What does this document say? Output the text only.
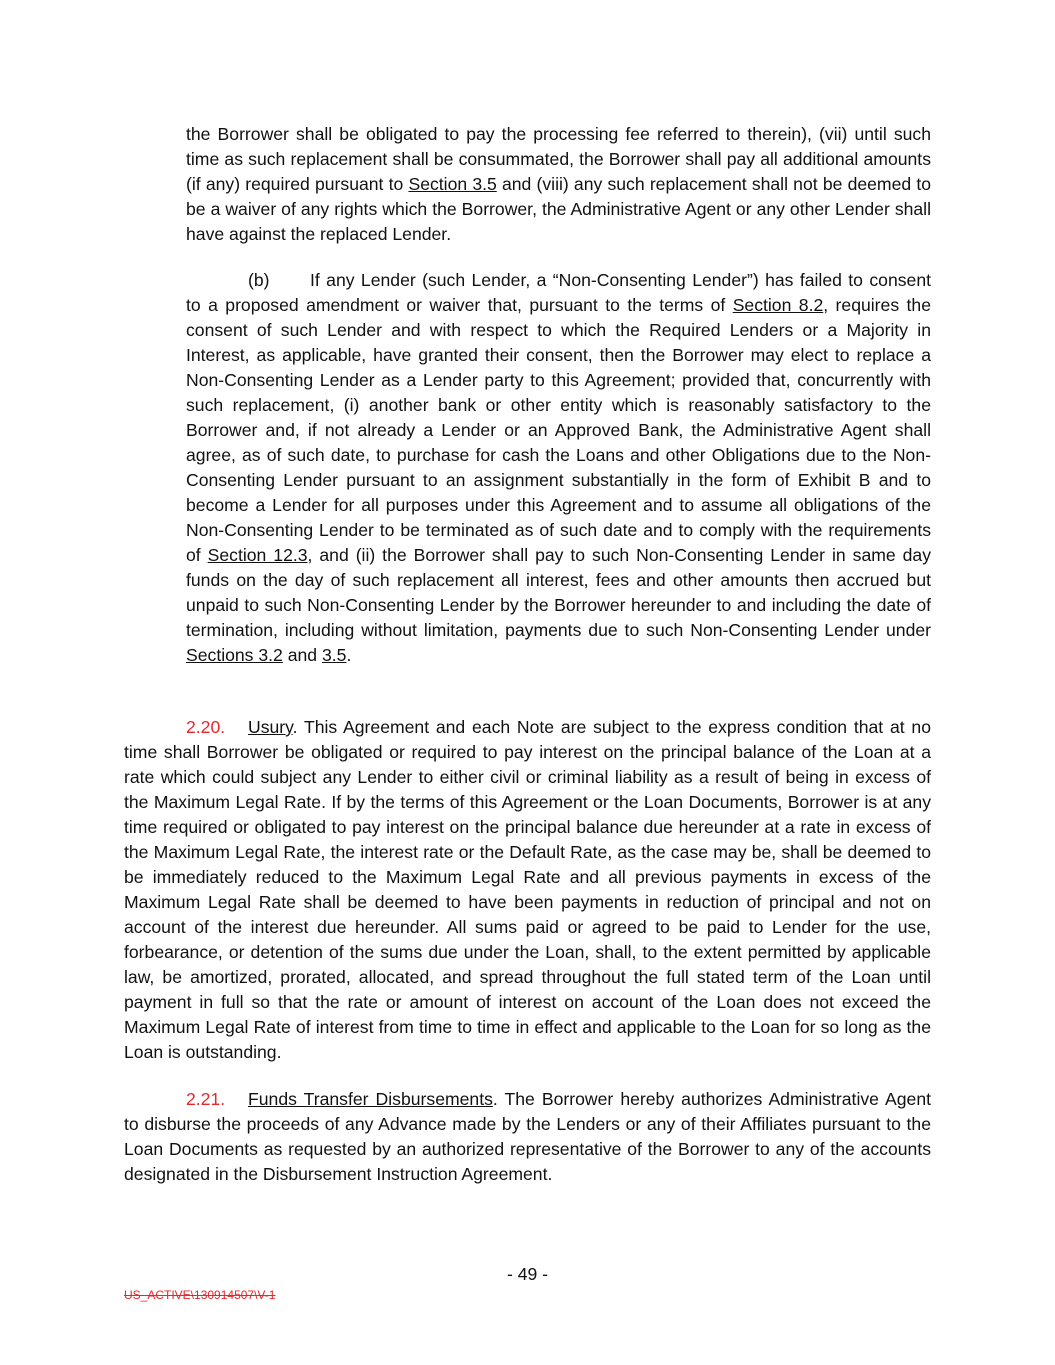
the Borrower shall be obligated to pay the processing fee referred to therein), (vii) until such time as such replacement shall be consummated, the Borrower shall pay all additional amounts (if any) required pursuant to Section 3.5 and (viii) any such replacement shall not be deemed to be a waiver of any rights which the Borrower, the Administrative Agent or any other Lender shall have against the replaced Lender.

(b) If any Lender (such Lender, a “Non-Consenting Lender”) has failed to consent to a proposed amendment or waiver that, pursuant to the terms of Section 8.2, requires the consent of such Lender and with respect to which the Required Lenders or a Majority in Interest, as applicable, have granted their consent, then the Borrower may elect to replace a Non-Consenting Lender as a Lender party to this Agreement; provided that, concurrently with such replacement, (i) another bank or other entity which is reasonably satisfactory to the Borrower and, if not already a Lender or an Approved Bank, the Administrative Agent shall agree, as of such date, to purchase for cash the Loans and other Obligations due to the Non-Consenting Lender pursuant to an assignment substantially in the form of Exhibit B and to become a Lender for all purposes under this Agreement and to assume all obligations of the Non-Consenting Lender to be terminated as of such date and to comply with the requirements of Section 12.3, and (ii) the Borrower shall pay to such Non-Consenting Lender in same day funds on the day of such replacement all interest, fees and other amounts then accrued but unpaid to such Non-Consenting Lender by the Borrower hereunder to and including the date of termination, including without limitation, payments due to such Non-Consenting Lender under Sections 3.2 and 3.5.

2.20. Usury. This Agreement and each Note are subject to the express condition that at no time shall Borrower be obligated or required to pay interest on the principal balance of the Loan at a rate which could subject any Lender to either civil or criminal liability as a result of being in excess of the Maximum Legal Rate. If by the terms of this Agreement or the Loan Documents, Borrower is at any time required or obligated to pay interest on the principal balance due hereunder at a rate in excess of the Maximum Legal Rate, the interest rate or the Default Rate, as the case may be, shall be deemed to be immediately reduced to the Maximum Legal Rate and all previous payments in excess of the Maximum Legal Rate shall be deemed to have been payments in reduction of principal and not on account of the interest due hereunder. All sums paid or agreed to be paid to Lender for the use, forbearance, or detention of the sums due under the Loan, shall, to the extent permitted by applicable law, be amortized, prorated, allocated, and spread throughout the full stated term of the Loan until payment in full so that the rate or amount of interest on account of the Loan does not exceed the Maximum Legal Rate of interest from time to time in effect and applicable to the Loan for so long as the Loan is outstanding.

2.21. Funds Transfer Disbursements. The Borrower hereby authorizes Administrative Agent to disburse the proceeds of any Advance made by the Lenders or any of their Affiliates pursuant to the Loan Documents as requested by an authorized representative of the Borrower to any of the accounts designated in the Disbursement Instruction Agreement.

- 49 -
US_ACTIVE\130914507\V-1
